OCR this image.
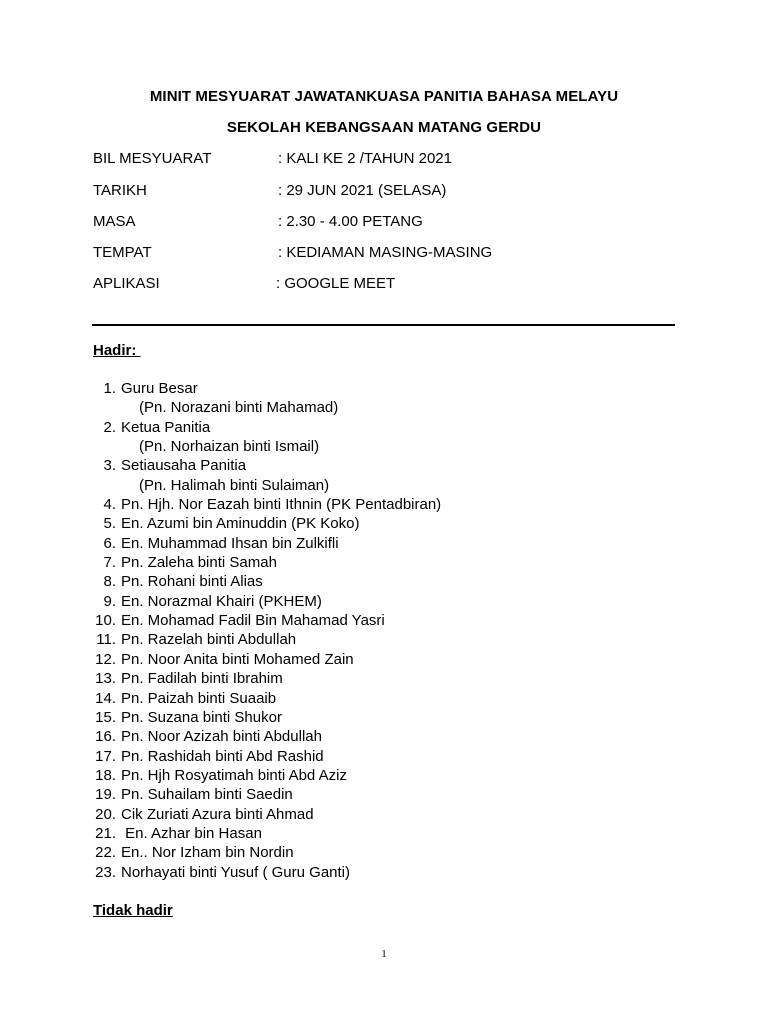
MINIT MESYUARAT JAWATANKUASA PANITIA BAHASA MELAYU
SEKOLAH KEBANGSAAN MATANG GERDU
BIL MESYUARAT	: KALI KE 2 /TAHUN 2021
TARIKH	: 29 JUN 2021 (SELASA)
MASA	: 2.30 - 4.00 PETANG
TEMPAT	: KEDIAMAN MASING-MASING
APLIKASI	: GOOGLE MEET
Hadir:
1. Guru Besar
(Pn. Norazani binti Mahamad)
2. Ketua Panitia
(Pn. Norhaizan binti Ismail)
3. Setiausaha Panitia
(Pn. Halimah binti Sulaiman)
4. Pn. Hjh. Nor Eazah binti Ithnin (PK Pentadbiran)
5. En. Azumi bin Aminuddin (PK Koko)
6. En. Muhammad Ihsan bin Zulkifli
7. Pn. Zaleha binti Samah
8. Pn. Rohani binti Alias
9. En. Norazmal Khairi (PKHEM)
10. En. Mohamad Fadil Bin Mahamad Yasri
11. Pn. Razelah binti Abdullah
12. Pn. Noor Anita binti Mohamed Zain
13. Pn. Fadilah binti Ibrahim
14. Pn. Paizah binti Suaaib
15. Pn. Suzana binti Shukor
16. Pn. Noor Azizah binti Abdullah
17. Pn. Rashidah binti Abd Rashid
18. Pn. Hjh Rosyatimah binti Abd Aziz
19. Pn. Suhailam binti Saedin
20. Cik Zuriati Azura binti Ahmad
21. En. Azhar bin Hasan
22. En.. Nor Izham bin Nordin
23. Norhayati binti Yusuf ( Guru Ganti)
Tidak hadir
1
